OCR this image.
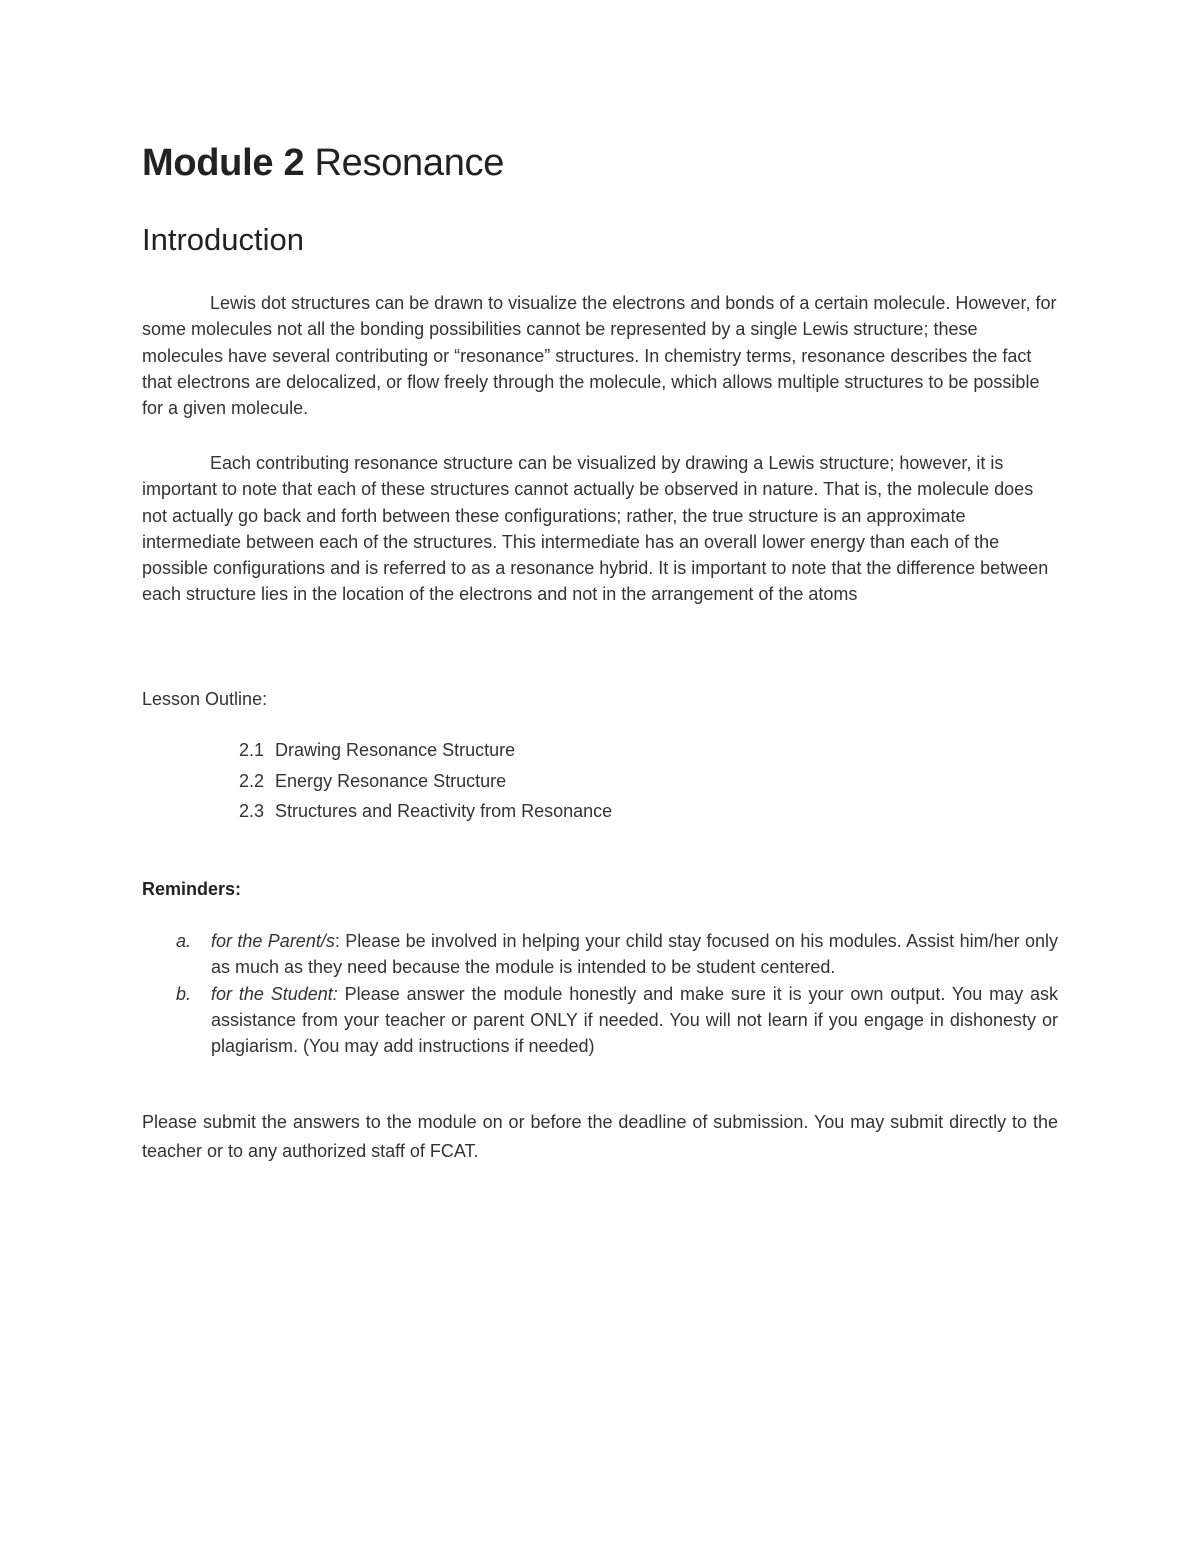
Module 2 Resonance
Introduction

Lewis dot structures can be drawn to visualize the electrons and bonds of a certain molecule. However, for some molecules not all the bonding possibilities cannot be represented by a single Lewis structure; these molecules have several contributing or “resonance” structures. In chemistry terms, resonance describes the fact that electrons are delocalized, or flow freely through the molecule, which allows multiple structures to be possible for a given molecule.

Each contributing resonance structure can be visualized by drawing a Lewis structure; however, it is important to note that each of these structures cannot actually be observed in nature. That is, the molecule does not actually go back and forth between these configurations; rather, the true structure is an approximate intermediate between each of the structures. This intermediate has an overall lower energy than each of the possible configurations and is referred to as a resonance hybrid. It is important to note that the difference between each structure lies in the location of the electrons and not in the arrangement of the atoms

Lesson Outline:

2.1 Drawing Resonance Structure
2.2 Energy Resonance Structure
2.3 Structures and Reactivity from Resonance

Reminders:

a. for the Parent/s: Please be involved in helping your child stay focused on his modules. Assist him/her only as much as they need because the module is intended to be student centered.
b. for the Student: Please answer the module honestly and make sure it is your own output. You may ask assistance from your teacher or parent ONLY if needed. You will not learn if you engage in dishonesty or plagiarism. (You may add instructions if needed)

Please submit the answers to the module on or before the deadline of submission. You may submit directly to the teacher or to any authorized staff of FCAT.
